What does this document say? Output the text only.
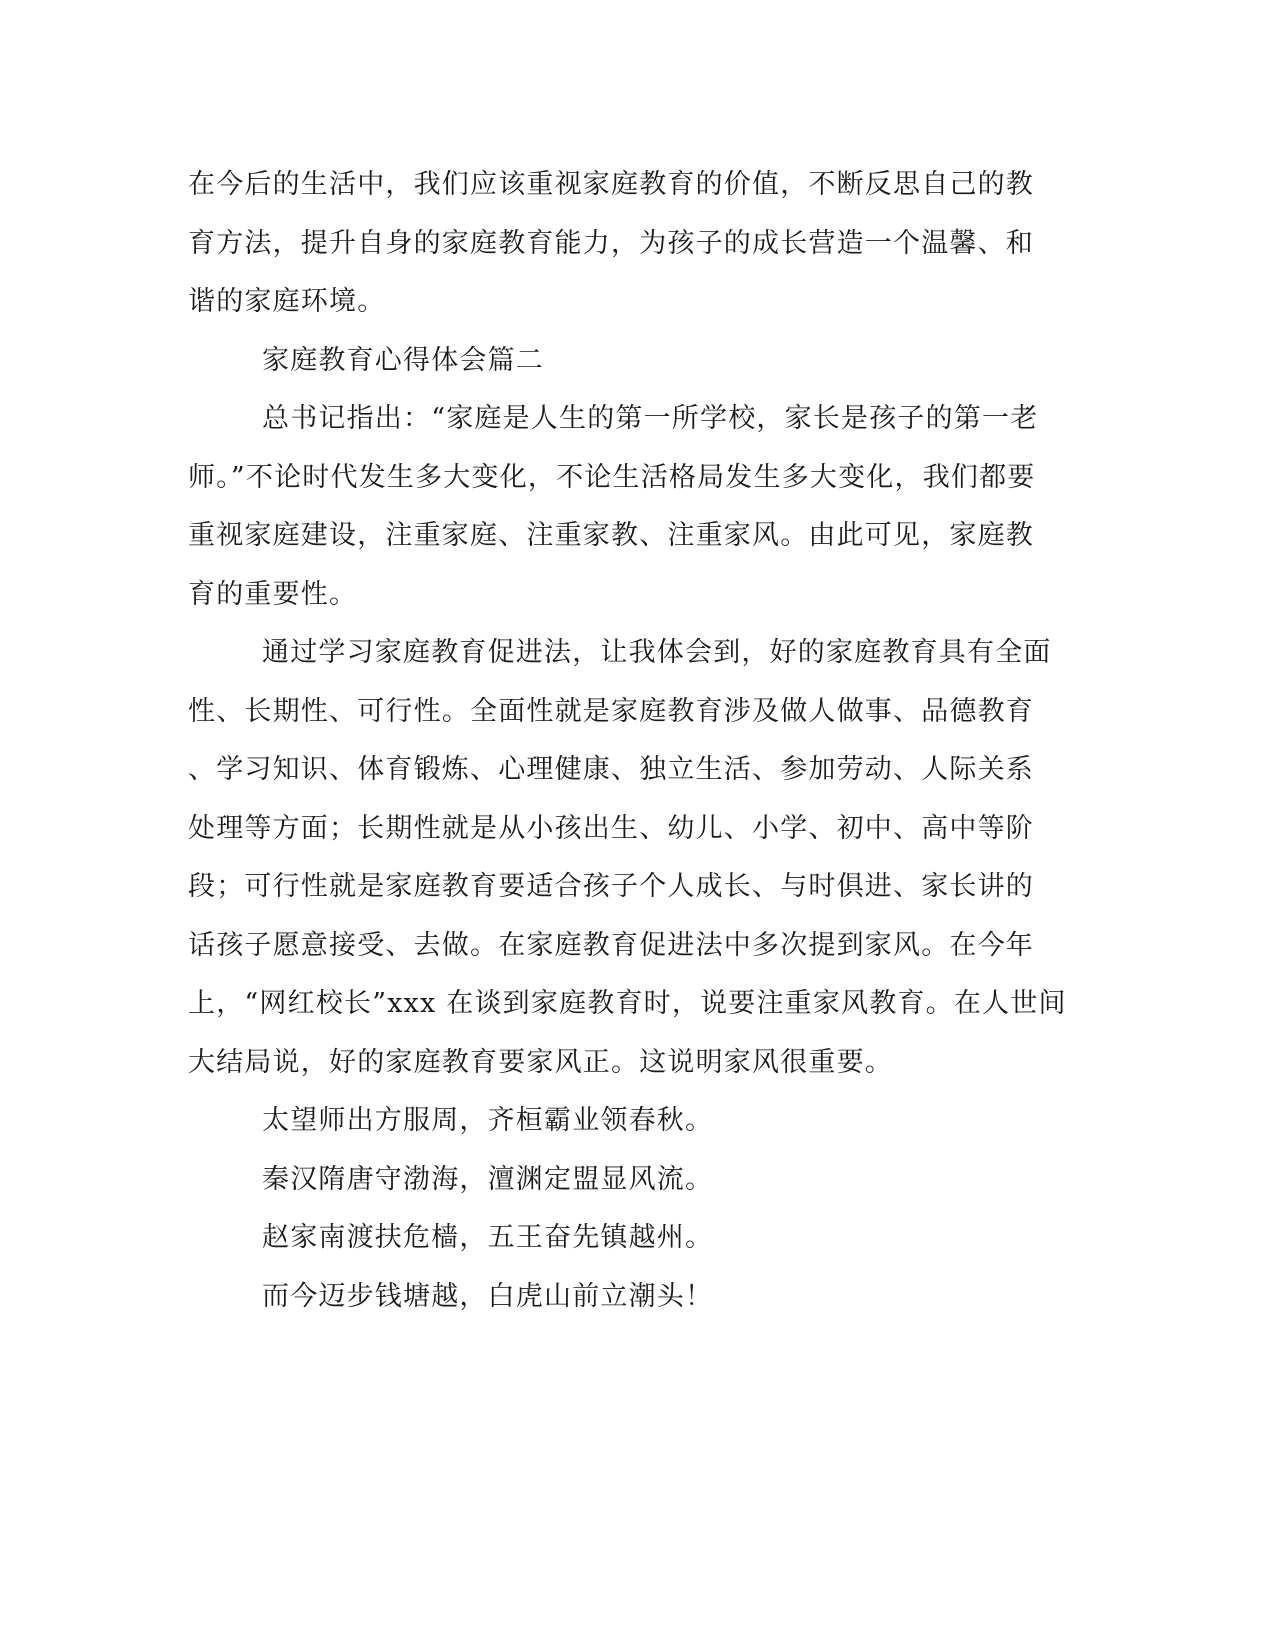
在今后的生活中，我们应该重视家庭教育的价值，不断反思自己的教
育方法，提升自身的家庭教育能力，为孩子的成长营造一个温馨、和
谐的家庭环境。
家庭教育心得体会篇二
总书记指出：“家庭是人生的第一所学校，家长是孩子的第一老
师。”不论时代发生多大变化，不论生活格局发生多大变化，我们都要
重视家庭建设，注重家庭、注重家教、注重家风。由此可见，家庭教
育的重要性。
通过学习家庭教育促进法，让我体会到，好的家庭教育具有全面
性、长期性、可行性。全面性就是家庭教育涉及做人做事、品德教育
、学习知识、体育锻炼、心理健康、独立生活、参加劳动、人际关系
处理等方面；长期性就是从小孩出生、幼儿、小学、初中、高中等阶
段；可行性就是家庭教育要适合孩子个人成长、与时俱进、家长讲的
话孩子愿意接受、去做。在家庭教育促进法中多次提到家风。在今年
上，“网红校长”xxx 在谈到家庭教育时，说要注重家风教育。在人世间
大结局说，好的家庭教育要家风正。这说明家风很重要。
太望师出方服周，齐桓霸业领春秋。
秦汉隋唐守渤海，澶渊定盟显风流。
赵家南渡扶危樯，五王奋先镇越州。
而今迈步钱塘越，白虎山前立潮头！
